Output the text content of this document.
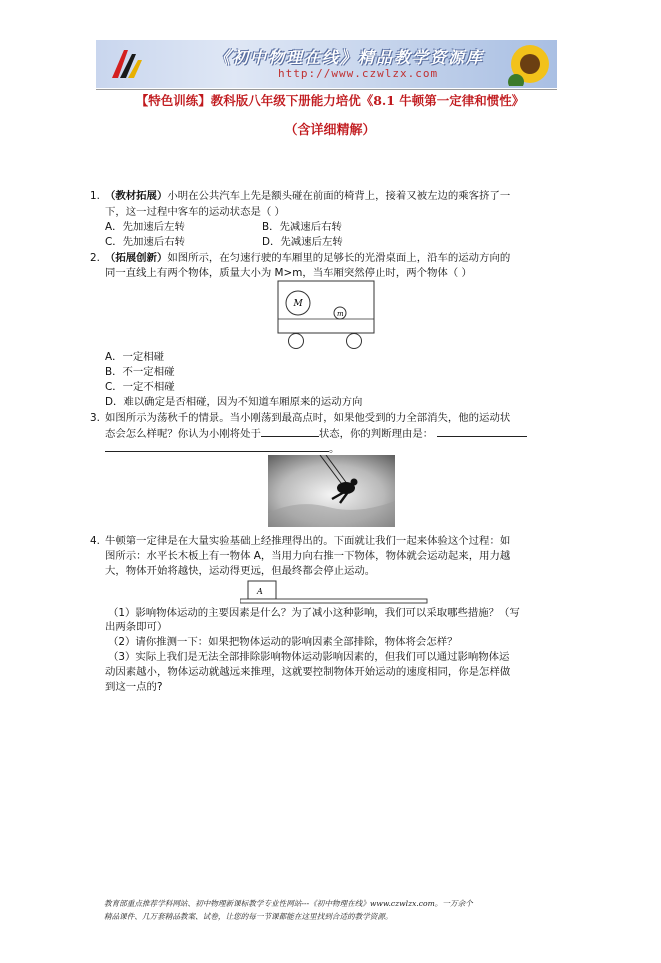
《初中物理在线》精品教学资源库
http://www.czwlzx.com
【特色训练】教科版八年级下册能力培优《8.1 牛顿第一定律和惯性》
（含详细精解）
1. （教材拓展）小明在公共汽车上先是额头碰在前面的椅背上，接着又被左边的乘客挤了一
下，这一过程中客车的运动状态是（ ）
A．先加速后左转	B．先减速后右转
C．先加速后右转	D．先减速后左转
2. （拓展创新）如图所示，在匀速行驶的车厢里的足够长的光滑桌面上，沿车的运动方向的
同一直线上有两个物体，质量大小为 M>m，当车厢突然停止时，两个物体（ ）
M
m
A．一定相碰
B．不一定相碰
C．一定不相碰
D．难以确定是否相碰，因为不知道车厢原来的运动方向
3. 如图所示为荡秋千的情景。当小刚荡到最高点时，如果他受到的力全部消失，他的运动状
态会怎么样呢？你认为小刚将处于	状态，你的判断理由是：
。
4. 牛顿第一定律是在大量实验基础上经推理得出的。下面就让我们一起来体验这个过程：如
图所示：水平长木板上有一物体 A，当用力向右推一下物体，物体就会运动起来，用力越
大，物体开始将越快，运动得更远，但最终都会停止运动。
A
（1）影响物体运动的主要因素是什么？为了减小这种影响，我们可以采取哪些措施？（写
出两条即可）
（2）请你推测一下：如果把物体运动的影响因素全部排除，物体将会怎样？
（3）实际上我们是无法全部排除影响物体运动影响因素的，但我们可以通过影响物体运
动因素越小，物体运动就越远来推理，这就要控制物体开始运动的速度相同，你是怎样做
到这一点的?
教育部重点推荐学科网站、初中物理新课标教学专业性网站---《初中物理在线》www.czwlzx.com。一万余个
精品课件、几万套精品教案、试卷，让您的每一节课都能在这里找到合适的教学资源。
